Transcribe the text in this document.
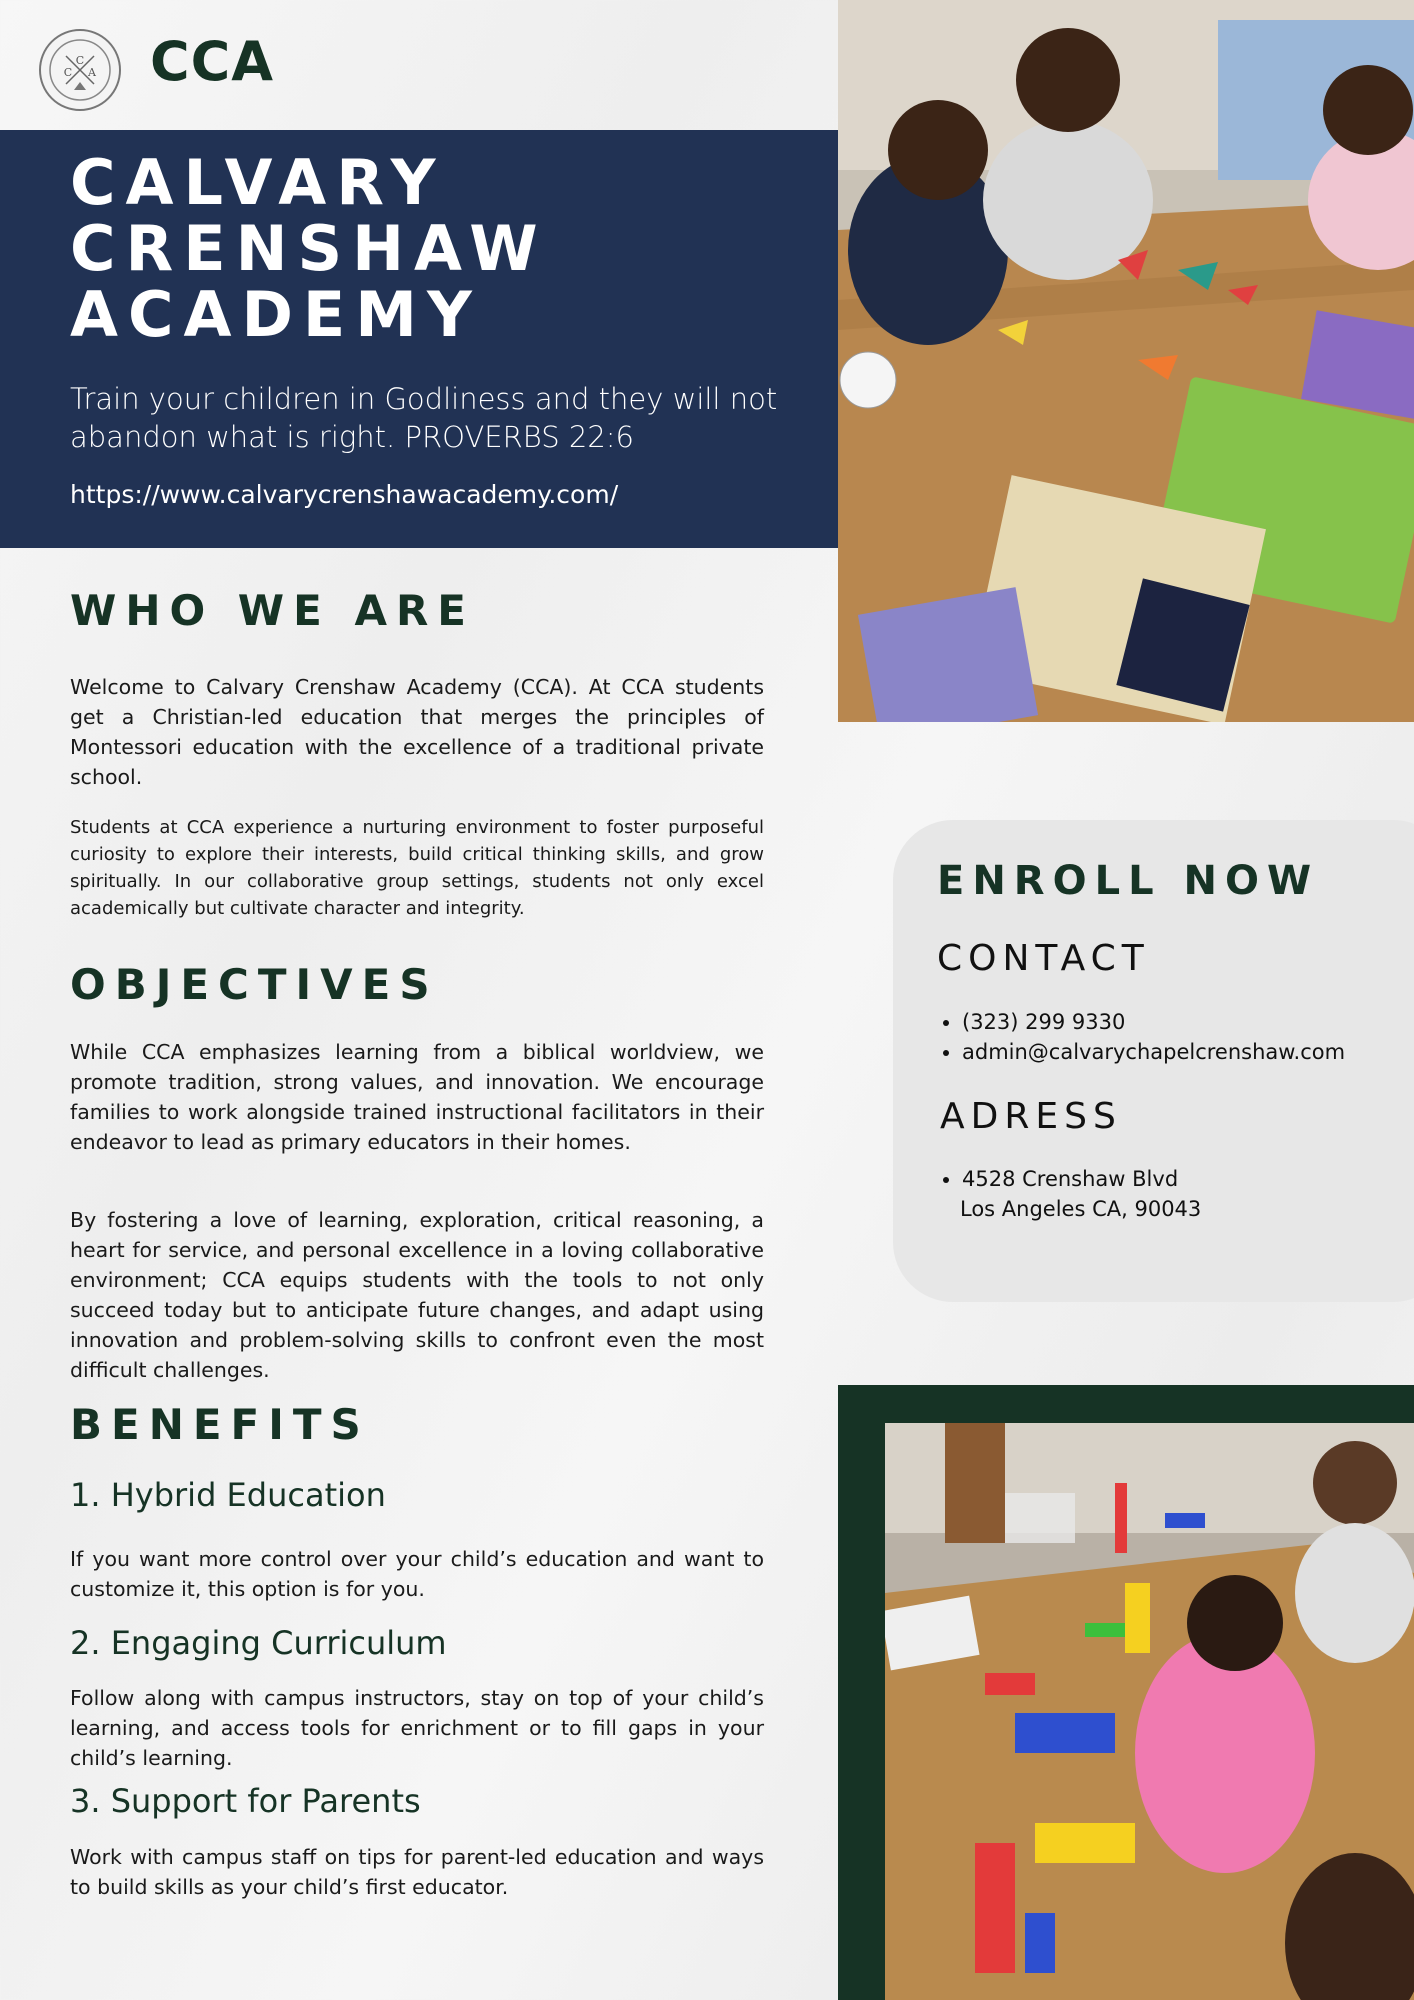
C
C A CCA
CALVARY
CRENSHAW
ACADEMY

Train your children in Godliness and they will not abandon what is right. PROVERBS 22:6

https://www.calvarycrenshawacademy.com/

WHO WE ARE

Welcome to Calvary Crenshaw Academy (CCA). At CCA students get a Christian-led education that merges the principles of Montessori education with the excellence of a traditional private school.

Students at CCA experience a nurturing environment to foster purposeful curiosity to explore their interests, build critical thinking skills, and grow spiritually. In our collaborative group settings, students not only excel academically but cultivate character and integrity.

OBJECTIVES

While CCA emphasizes learning from a biblical worldview, we promote tradition, strong values, and innovation. We encourage families to work alongside trained instructional facilitators in their endeavor to lead as primary educators in their homes.

By fostering a love of learning, exploration, critical reasoning, a heart for service, and personal excellence in a loving collaborative environment; CCA equips students with the tools to not only succeed today but to anticipate future changes, and adapt using innovation and problem-solving skills to confront even the most difficult challenges.

BENEFITS
1. Hybrid Education

If you want more control over your child’s education and want to customize it, this option is for you.

2. Engaging Curriculum

Follow along with campus instructors, stay on top of your child’s learning, and access tools for enrichment or to fill gaps in your child’s learning.

3. Support for Parents

Work with campus staff on tips for parent-led education and ways to build skills as your child’s first educator.

ENROLL NOW
CONTACT
• (323) 299 9330
• admin@calvarychapelcrenshaw.com
ADRESS
• 4528 Crenshaw Blvd

Los Angeles CA, 90043
